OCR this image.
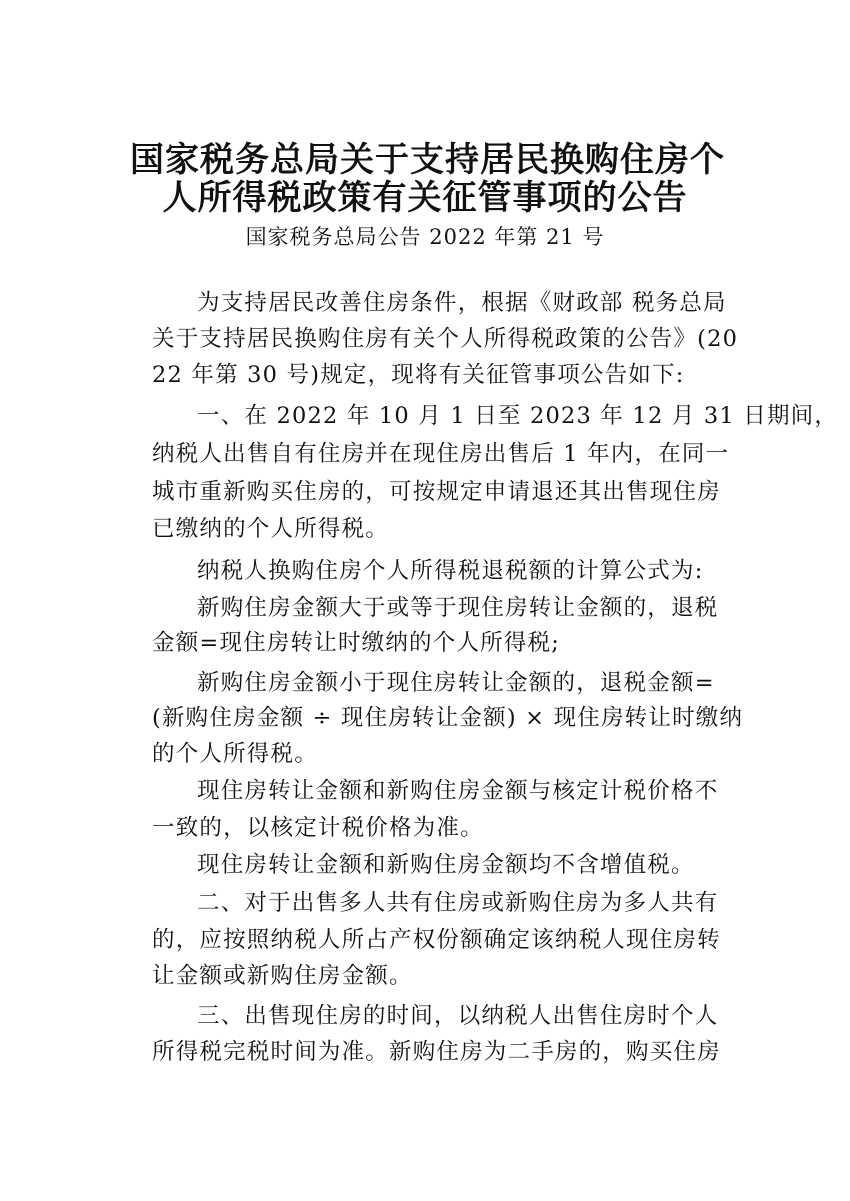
国家税务总局关于支持居民换购住房个
人所得税政策有关征管事项的公告
国家税务总局公告 2022 年第 21 号
为支持居民改善住房条件，根据《财政部 税务总局
关于支持居民换购住房有关个人所得税政策的公告》(20
22 年第 30 号)规定，现将有关征管事项公告如下:
一、在 2022 年 10 月 1 日至 2023 年 12 月 31 日期间，
纳税人出售自有住房并在现住房出售后 1 年内，在同一
城市重新购买住房的，可按规定申请退还其出售现住房
已缴纳的个人所得税。
纳税人换购住房个人所得税退税额的计算公式为:
新购住房金额大于或等于现住房转让金额的，退税
金额=现住房转让时缴纳的个人所得税;
新购住房金额小于现住房转让金额的，退税金额=
(新购住房金额 ÷ 现住房转让金额) × 现住房转让时缴纳
的个人所得税。
现住房转让金额和新购住房金额与核定计税价格不
一致的，以核定计税价格为准。
现住房转让金额和新购住房金额均不含增值税。
二、对于出售多人共有住房或新购住房为多人共有
的，应按照纳税人所占产权份额确定该纳税人现住房转
让金额或新购住房金额。
三、出售现住房的时间，以纳税人出售住房时个人
所得税完税时间为准。新购住房为二手房的，购买住房
